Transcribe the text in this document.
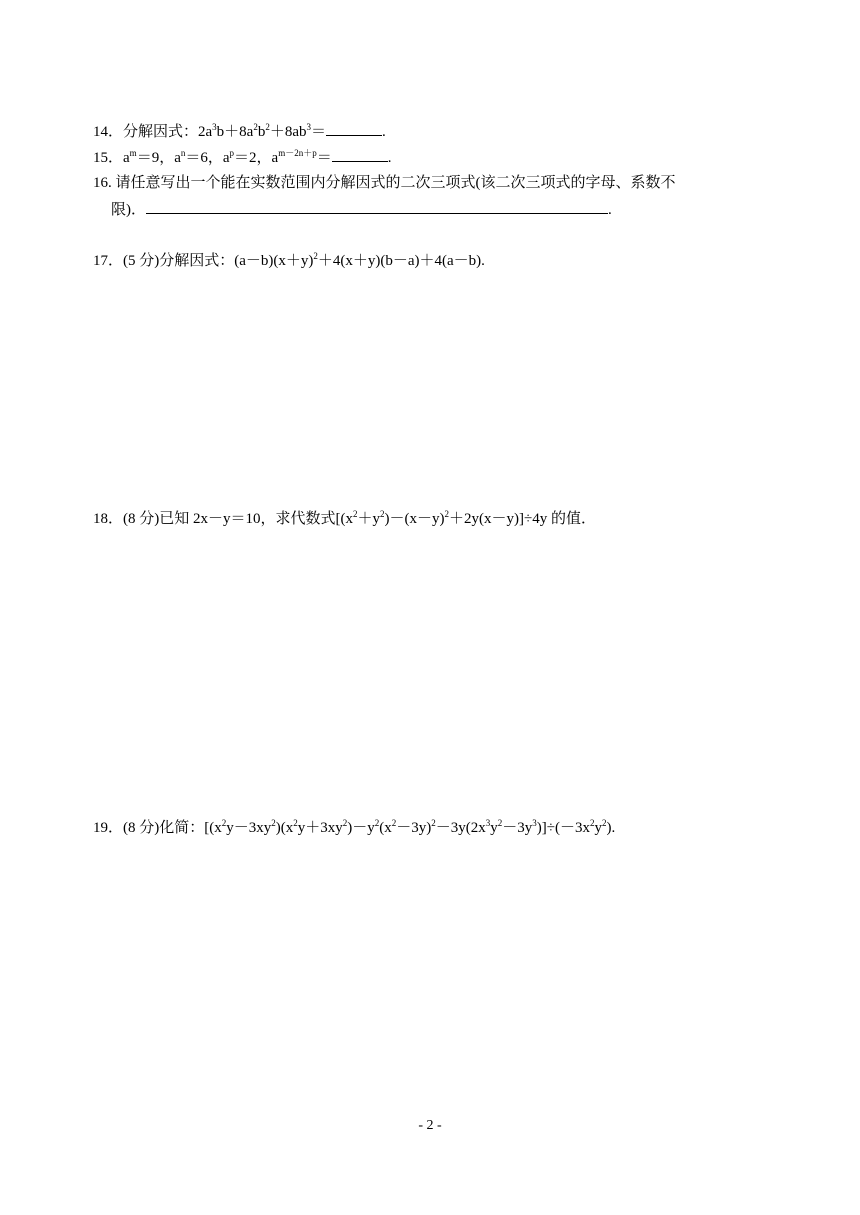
14．分解因式：$2a^3b+8a^2b^2+8ab^3=$	.
15．$a^m=9$，$a^n=6$，$a^p=2$，$a^{m-2n+p}=$	.
16. 请任意写出一个能在实数范围内分解因式的二次三项式(该二次三项式的字母、系数不
限)．	.
17．(5 分)分解因式：$(a-b)(x+y)^2+4(x+y)(b-a)+4(a-b)$.
18．(8 分)已知 2x－y＝10，求代数式$[(x^2+y^2)-(x-y)^2+2y(x-y)]\div 4y$ 的值．
19．(8 分)化简：$[(x^2y-3xy^2)(x^2y+3xy^2)-y^2(x^2-3y)^2-3y(2x^3y^2-3y^3)]\div(-3x^2y^2)$.
- 2 -
